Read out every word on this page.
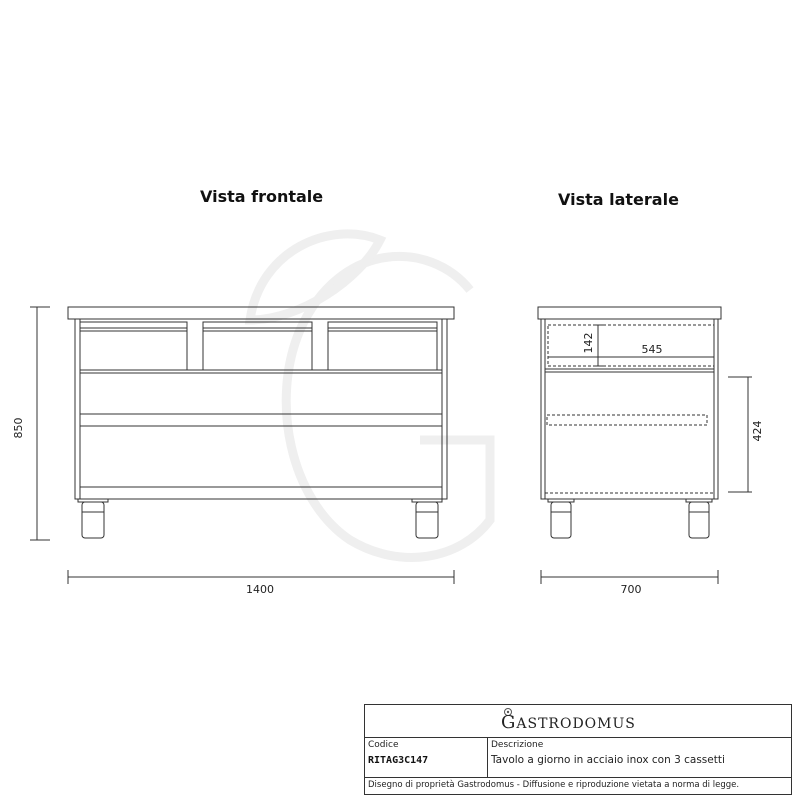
Vista frontale	Vista laterale
850
1400	700
142	545
424
GASTRODOMUS
Codice
RITAG3C147
Descrizione
Tavolo a giorno in acciaio inox con 3 cassetti
Disegno di proprietà Gastrodomus - Diffusione e riproduzione vietata a norma di legge.
